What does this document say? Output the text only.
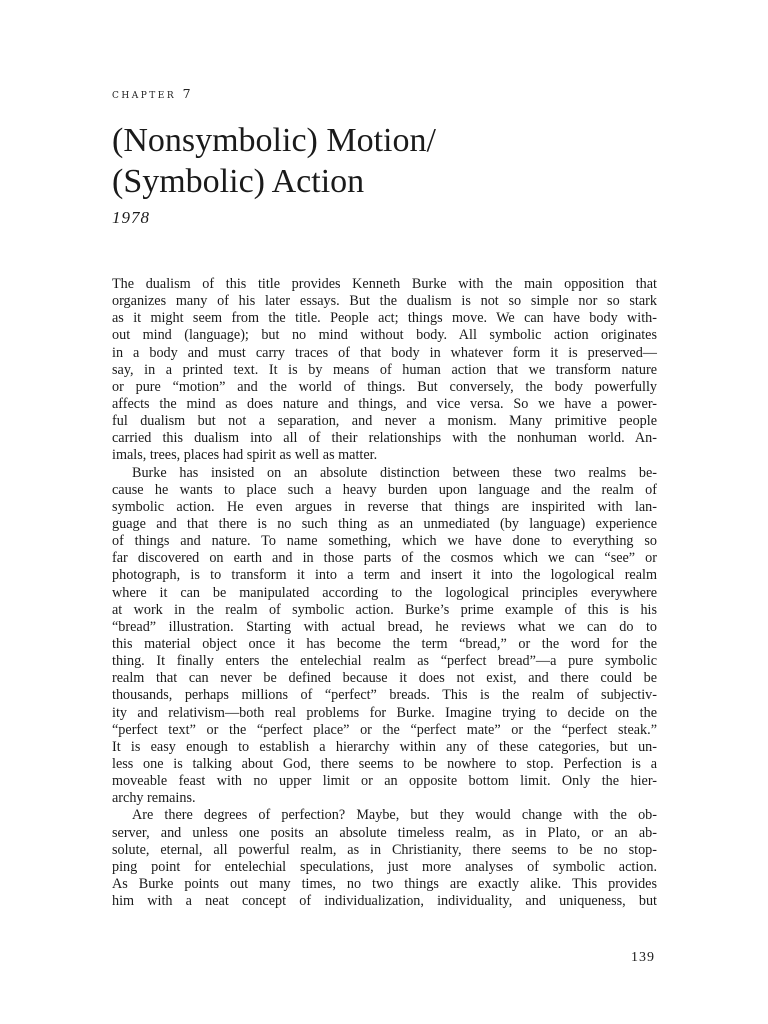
chapter 7
(Nonsymbolic) Motion/
(Symbolic) Action
1978
The dualism of this title provides Kenneth Burke with the main opposition that
organizes many of his later essays. But the dualism is not so simple nor so stark
as it might seem from the title. People act; things move. We can have body with-
out mind (language); but no mind without body. All symbolic action originates
in a body and must carry traces of that body in whatever form it is preserved—
say, in a printed text. It is by means of human action that we transform nature
or pure “motion” and the world of things. But conversely, the body powerfully
affects the mind as does nature and things, and vice versa. So we have a power-
ful dualism but not a separation, and never a monism. Many primitive people
carried this dualism into all of their relationships with the nonhuman world. An-
imals, trees, places had spirit as well as matter.
Burke has insisted on an absolute distinction between these two realms be-
cause he wants to place such a heavy burden upon language and the realm of
symbolic action. He even argues in reverse that things are inspirited with lan-
guage and that there is no such thing as an unmediated (by language) experience
of things and nature. To name something, which we have done to everything so
far discovered on earth and in those parts of the cosmos which we can “see” or
photograph, is to transform it into a term and insert it into the logological realm
where it can be manipulated according to the logological principles everywhere
at work in the realm of symbolic action. Burke’s prime example of this is his
“bread” illustration. Starting with actual bread, he reviews what we can do to
this material object once it has become the term “bread,” or the word for the
thing. It finally enters the entelechial realm as “perfect bread”—a pure symbolic
realm that can never be defined because it does not exist, and there could be
thousands, perhaps millions of “perfect” breads. This is the realm of subjectiv-
ity and relativism—both real problems for Burke. Imagine trying to decide on the
“perfect text” or the “perfect place” or the “perfect mate” or the “perfect steak.”
It is easy enough to establish a hierarchy within any of these categories, but un-
less one is talking about God, there seems to be nowhere to stop. Perfection is a
moveable feast with no upper limit or an opposite bottom limit. Only the hier-
archy remains.
Are there degrees of perfection? Maybe, but they would change with the ob-
server, and unless one posits an absolute timeless realm, as in Plato, or an ab-
solute, eternal, all powerful realm, as in Christianity, there seems to be no stop-
ping point for entelechial speculations, just more analyses of symbolic action.
As Burke points out many times, no two things are exactly alike. This provides
him with a neat concept of individualization, individuality, and uniqueness, but
139
